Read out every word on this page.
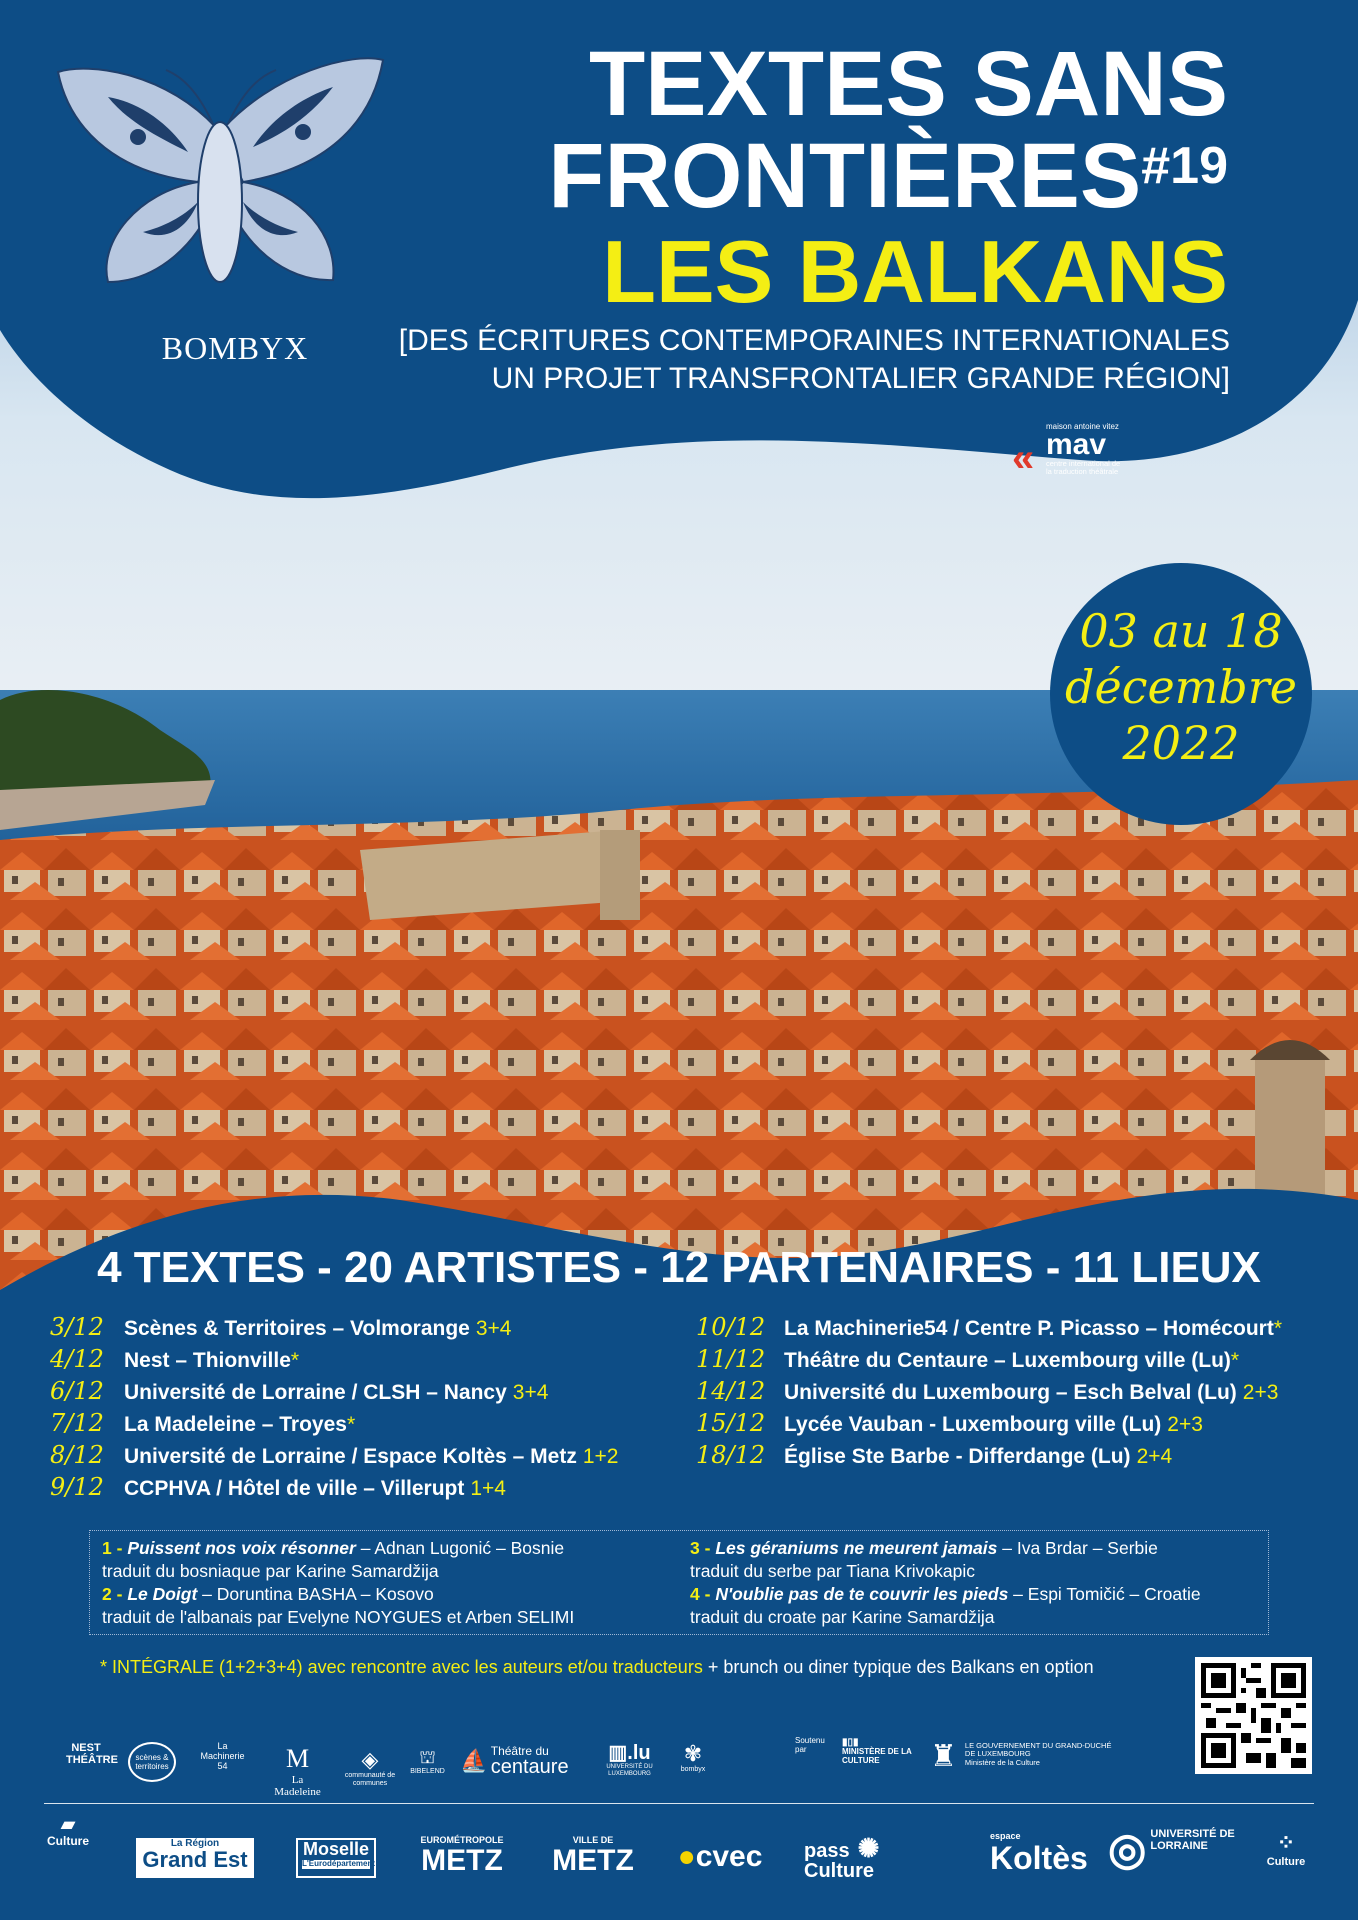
BOMBYX
TEXTES SANS
FRONTIÈRES$^{\#19}$
LES BALKANS
[DES ÉCRITURES CONTEMPORAINES INTERNATIONALES
UN PROJET TRANSFRONTALIER GRANDE RÉGION]
«
maison antoine vitez
mav
centre international de la traduction théâtrale
03 au 18
décembre
2022
4 TEXTES - 20 ARTISTES - 12 PARTENAIRES - 11 LIEUX
3/12 Scènes & Territoires – Volmorange 3+4
4/12 Nest – Thionville *
6/12 Université de Lorraine / CLSH – Nancy 3+4
7/12 La Madeleine – Troyes *
8/12 Université de Lorraine / Espace Koltès – Metz 1+2
9/12 CCPHVA / Hôtel de ville – Villerupt 1+4
10/12 La Machinerie54 / Centre P. Picasso – Homécourt *
11/12 Théâtre du Centaure – Luxembourg ville (Lu) *
14/12 Université du Luxembourg – Esch Belval (Lu) 2+3
15/12 Lycée Vauban - Luxembourg ville (Lu) 2+3
18/12 Église Ste Barbe - Differdange (Lu) 2+4
1 - Puissent nos voix résonner – Adnan Lugonić – Bosnie
traduit du bosniaque par Karine Samardžija
2 - Le Doigt – Doruntina BASHA – Kosovo
traduit de l'albanais par Evelyne NOYGUES et Arben SELIMI
3 - Les géraniums ne meurent jamais – Iva Brdar – Serbie
traduit du serbe par Tiana Krivokapic
4 - N'oublie pas de te couvrir les pieds – Espi Tomičić – Croatie
traduit du croate par Karine Samardžija
* INTÉGRALE (1+2+3+4) avec rencontre avec les auteurs et/ou traducteurs + brunch ou diner typique des Balkans en option
NEST THÉÂTRE	scènes & territoires
La Machinerie 54	M
La Madeleine
◈
communauté de communes
⛫
BIBELEND ⛵ Théâtre du
centaure
▥.lu
UNIVERSITÉ DU LUXEMBOURG
✾
bombyx
Soutenu par
▮▯▮
MINISTÈRE DE LA CULTURE	♜ LE GOUVERNEMENT DU GRAND-DUCHÉ DE LUXEMBOURG
Ministère de la Culture
▰
Culture	La Région
Grand Est	Moselle
L'Eurodépartement
EUROMÉTROPOLE
METZ
VILLE DE
METZ ●cvec	pass ✺
Culture
espace
Koltès ◎ UNIVERSITÉ DE LORRAINE	⁘
Culture
